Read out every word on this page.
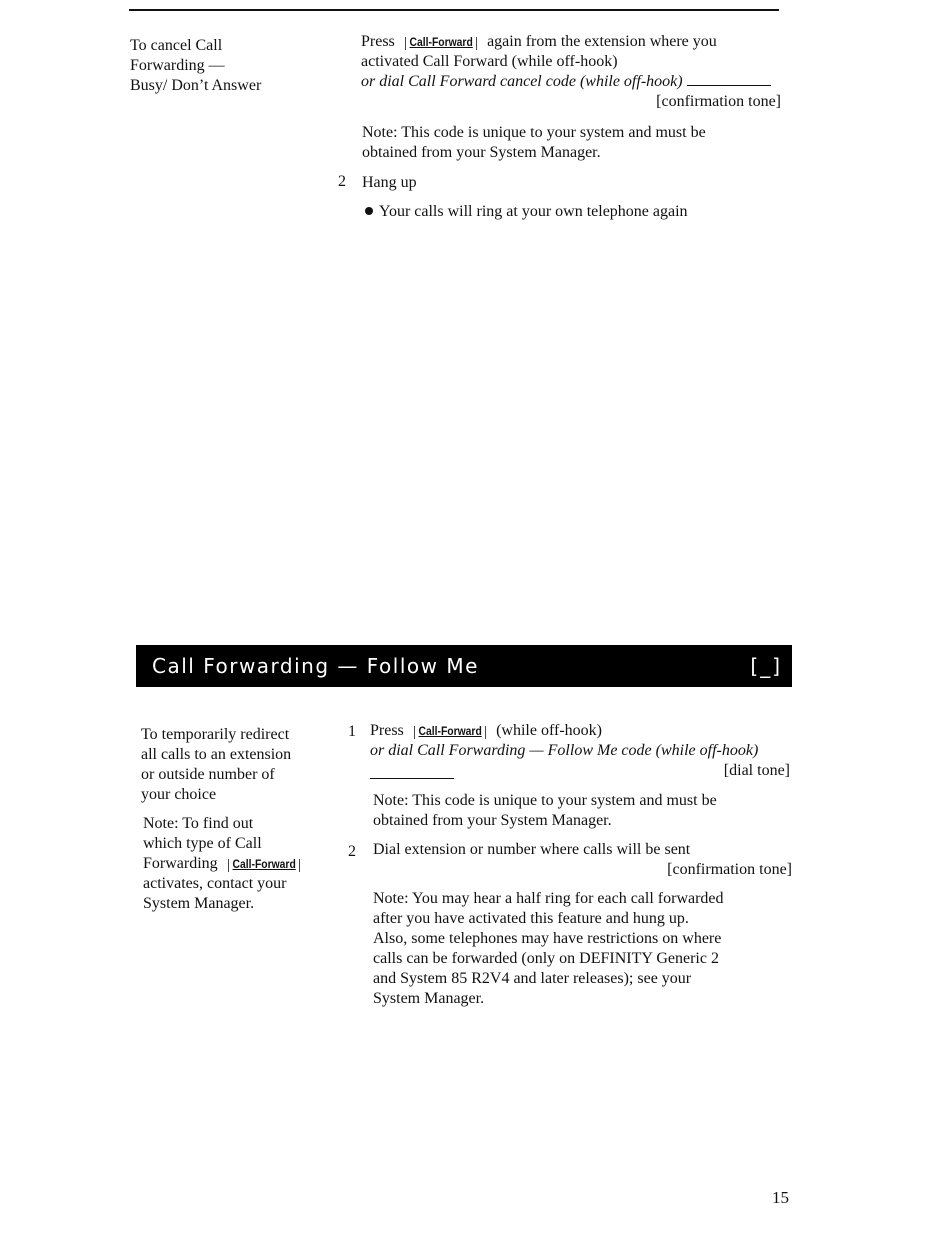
To cancel Call
Forwarding —
Busy/ Don’t Answer
Press Call-Forward again from the extension where you
activated Call Forward (while off-hook)
or dial Call Forward cancel code (while off-hook)
[confirmation tone]
Note: This code is unique to your system and must be
obtained from your System Manager.
2 Hang up
Your calls will ring at your own telephone again
Call Forwarding — Follow Me	[_]
To temporarily redirect
all calls to an extension
or outside number of
your choice
Note: To find out
which type of Call
Forwarding Call-Forward
activates, contact your
System Manager.
1 Press Call-Forward (while off-hook)
or dial Call Forwarding — Follow Me code (while off-hook)
[dial tone]
Note: This code is unique to your system and must be
obtained from your System Manager.
2 Dial extension or number where calls will be sent
[confirmation tone]
Note: You may hear a half ring for each call forwarded
after you have activated this feature and hung up.
Also, some telephones may have restrictions on where
calls can be forwarded (only on DEFINITY Generic 2
and System 85 R2V4 and later releases); see your
System Manager.
15
